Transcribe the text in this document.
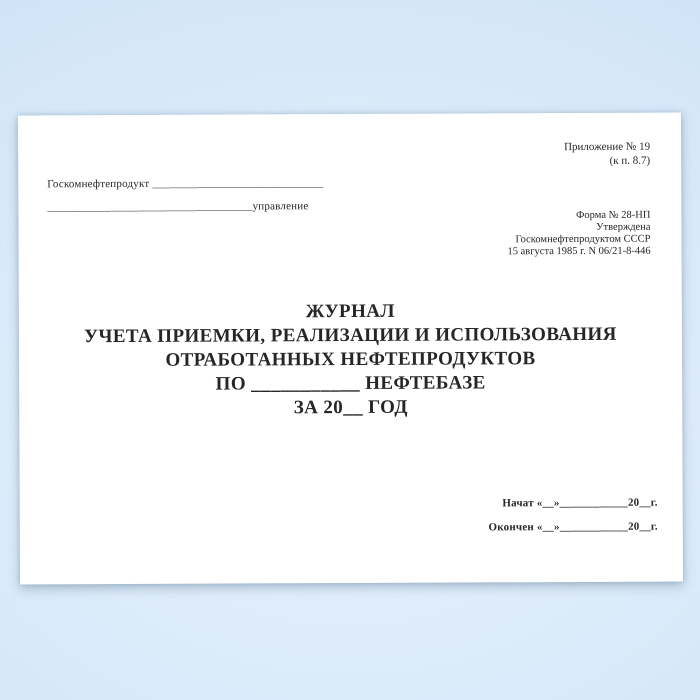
Приложение № 19
(к п. 8.7)
Госкомнефтепродукт ______________________________
____________________________________управление
Форма № 28-НП
Утверждена
Госкомнефтепродуктом СССР
15 августа 1985 г. N 06/21-8-446
ЖУРНАЛ
УЧЕТА ПРИЕМКИ, РЕАЛИЗАЦИИ И ИСПОЛЬЗОВАНИЯ
ОТРАБОТАННЫХ НЕФТЕПРОДУКТОВ
ПО ___________ НЕФТЕБАЗЕ
ЗА 20__ ГОД
Начат «__»____________20__г.
Окончен «__»____________20__г.
